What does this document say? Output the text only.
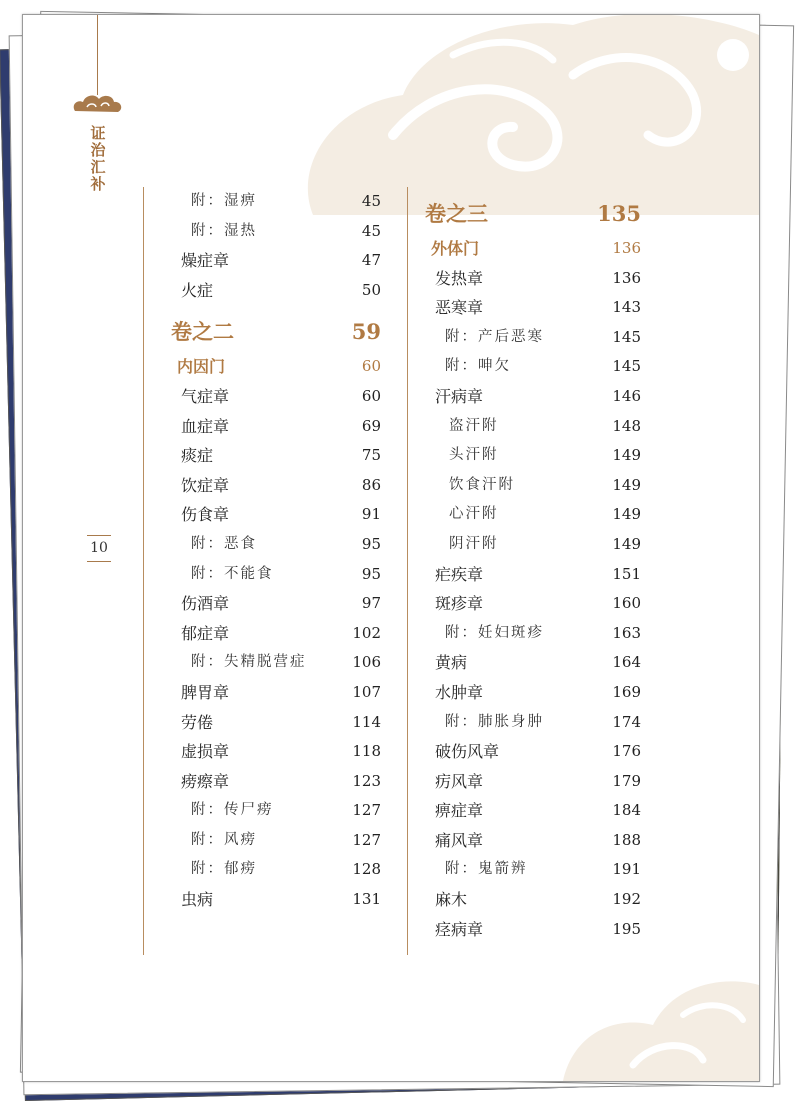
证
治
汇
补
10
附：湿痹	45
附：湿热	45
燥症章	47
火症	50
卷之二	59
内因门	60
气症章	60
血症章	69
痰症	75
饮症章	86
伤食章	91
附：恶食	95
附：不能食	95
伤酒章	97
郁症章	102
附：失精脱营症	106
脾胃章	107
劳倦	114
虚损章	118
痨瘵章	123
附：传尸痨	127
附：风痨	127
附：郁痨	128
虫病	131
卷之三	135
外体门	136
发热章	136
恶寒章	143
附：产后恶寒	145
附：呻欠	145
汗病章	146
盗汗附	148
头汗附	149
饮食汗附	149
心汗附	149
阴汗附	149
疟疾章	151
斑疹章	160
附：妊妇斑疹	163
黄病	164
水肿章	169
附：肺胀身肿	174
破伤风章	176
疠风章	179
痹症章	184
痛风章	188
附：鬼箭辨	191
麻木	192
痉病章	195
